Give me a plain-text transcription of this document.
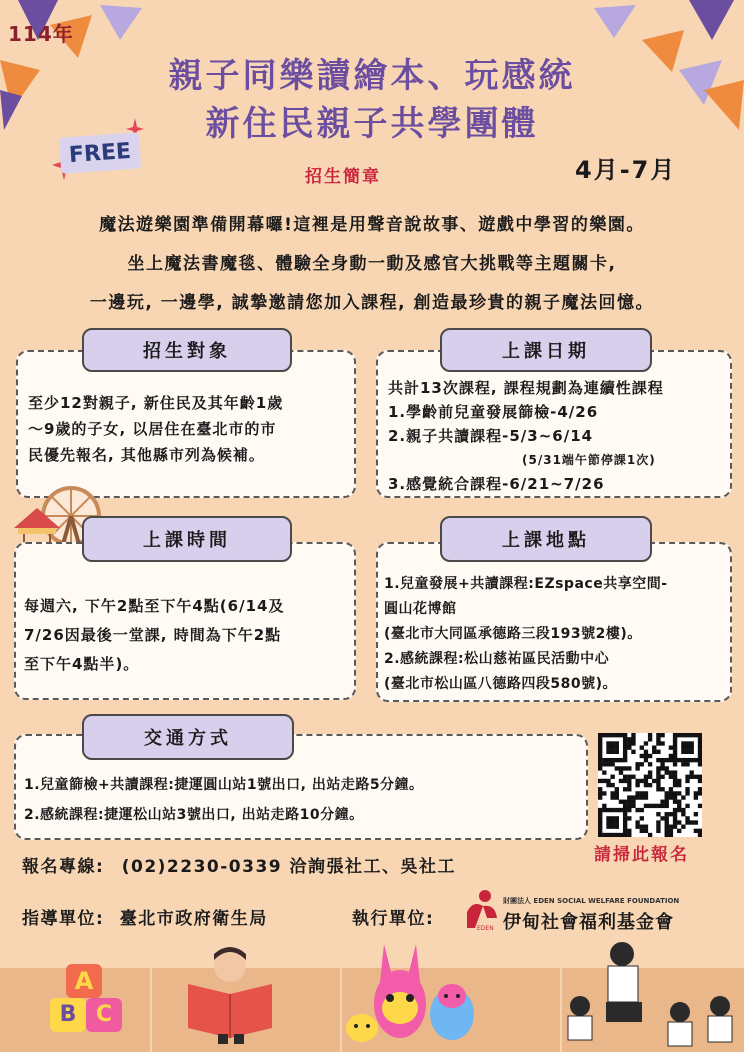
114年
親子同樂讀繪本、玩感統
新住民親子共學團體
FREE
招生簡章	4月-7月
魔法遊樂園準備開幕囉!這裡是用聲音說故事、遊戲中學習的樂園。
坐上魔法書魔毯、體驗全身動一動及感官大挑戰等主題關卡,
一邊玩, 一邊學, 誠摯邀請您加入課程, 創造最珍貴的親子魔法回憶。
招生對象
至少12對親子, 新住民及其年齡1歲
～9歲的子女, 以居住在臺北市的市
民優先報名, 其他縣市列為候補。
上課日期
共計13次課程, 課程規劃為連續性課程
1.學齡前兒童發展篩檢-4/26
2.親子共讀課程-5/3~6/14
(5/31端午節停課1次)
3.感覺統合課程-6/21~7/26
上課時間
每週六, 下午2點至下午4點(6/14及
7/26因最後一堂課, 時間為下午2點
至下午4點半)。
上課地點
1.兒童發展+共讀課程:EZspace共享空間-
圓山花博館
(臺北市大同區承德路三段193號2樓)。
2.感統課程:松山慈祐區民活動中心
(臺北市松山區八德路四段580號)。
交通方式
1.兒童篩檢+共讀課程:捷運圓山站1號出口, 出站走路5分鐘。
2.感統課程:捷運松山站3號出口, 出站走路10分鐘。
請掃此報名
報名專線: (02)2230-0339 洽詢張社工、吳社工
指導單位: 臺北市政府衛生局	執行單位:	EDEN
財團法人 EDEN SOCIAL WELFARE FOUNDATION
伊甸社會福利基金會
A
B C
